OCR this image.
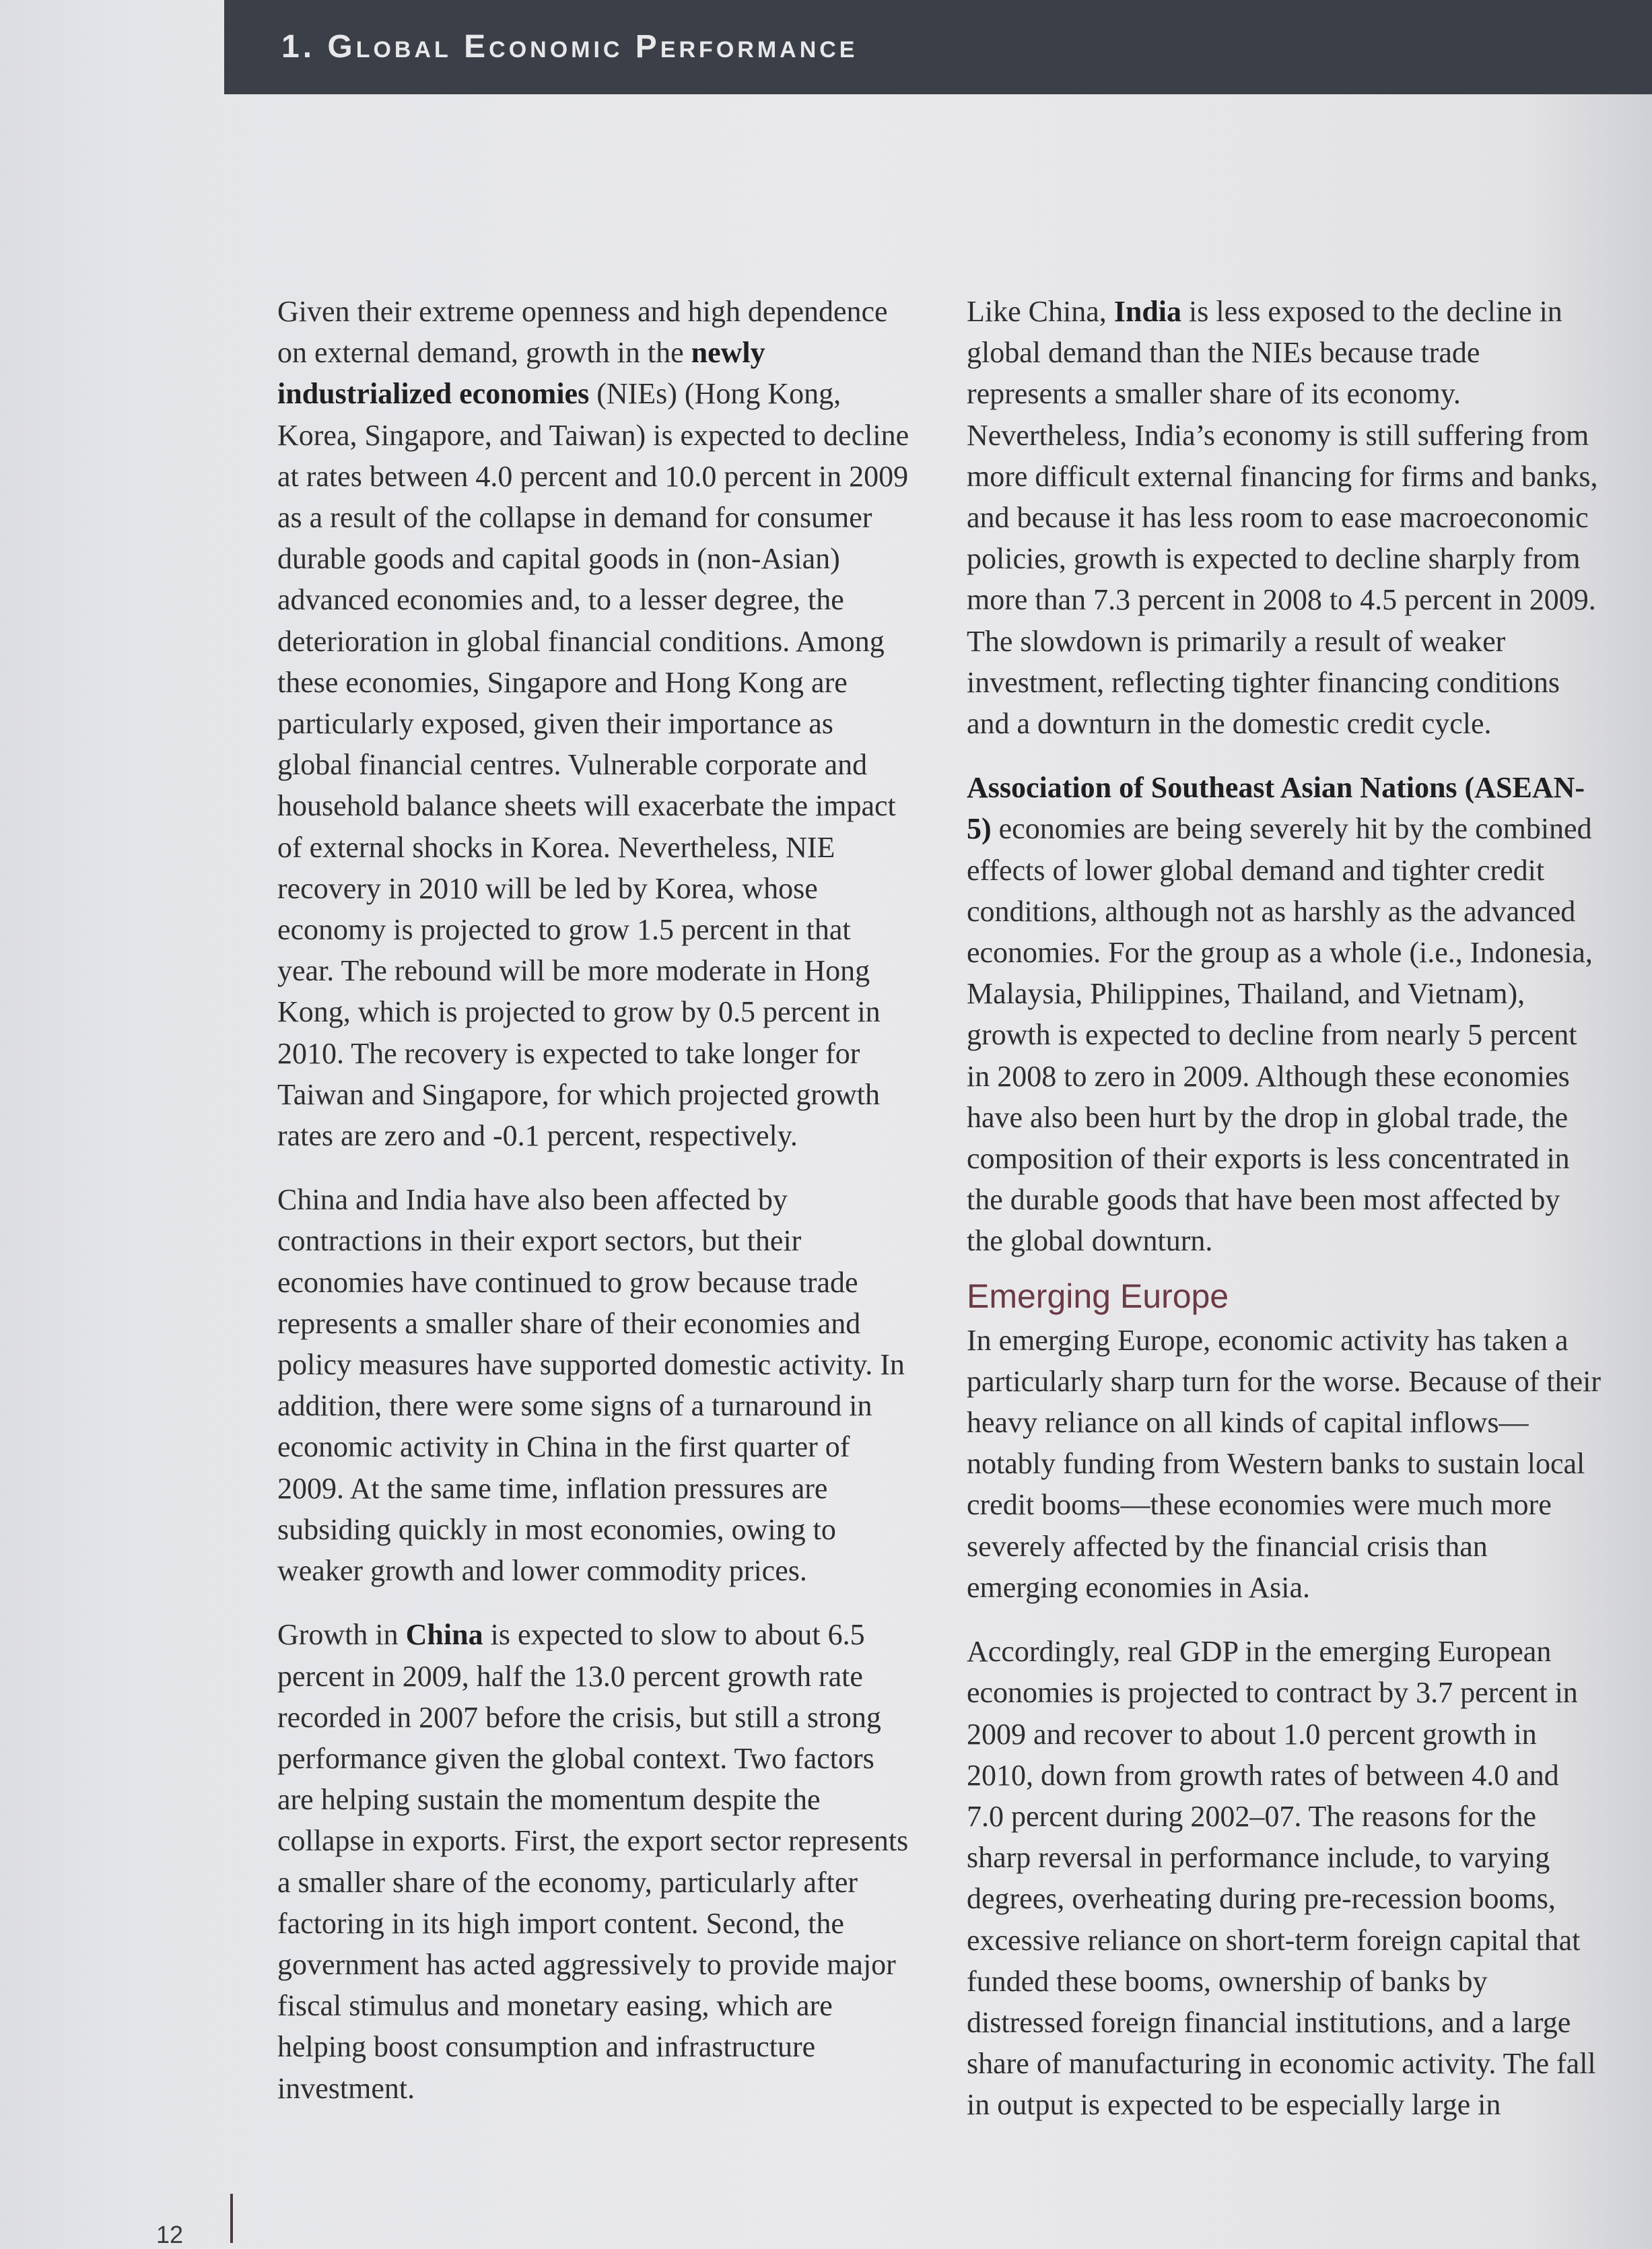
1. Global Economic Performance

Given their extreme openness and high dependence on external demand, growth in the newly industrialized economies (NIEs) (Hong Kong, Korea, Singapore, and Taiwan) is expected to decline at rates between 4.0 percent and 10.0 percent in 2009 as a result of the collapse in demand for consumer durable goods and capital goods in (non-Asian) advanced economies and, to a lesser degree, the deterioration in global financial conditions. Among these economies, Singapore and Hong Kong are particularly exposed, given their importance as global financial centres. Vulnerable corporate and household balance sheets will exacerbate the impact of external shocks in Korea. Nevertheless, NIE recovery in 2010 will be led by Korea, whose economy is projected to grow 1.5 percent in that year. The rebound will be more moderate in Hong Kong, which is projected to grow by 0.5 percent in 2010. The recovery is expected to take longer for Taiwan and Singapore, for which projected growth rates are zero and -0.1 percent, respectively.

China and India have also been affected by contractions in their export sectors, but their economies have continued to grow because trade represents a smaller share of their economies and policy measures have supported domestic activity. In addition, there were some signs of a turnaround in economic activity in China in the first quarter of 2009. At the same time, inflation pressures are subsiding quickly in most economies, owing to weaker growth and lower commodity prices.

Growth in China is expected to slow to about 6.5 percent in 2009, half the 13.0 percent growth rate recorded in 2007 before the crisis, but still a strong performance given the global context. Two factors are helping sustain the momentum despite the collapse in exports. First, the export sector represents a smaller share of the economy, particularly after factoring in its high import content. Second, the government has acted aggressively to provide major fiscal stimulus and monetary easing, which are helping boost consumption and infrastructure investment.

Like China, India is less exposed to the decline in global demand than the NIEs because trade represents a smaller share of its economy. Nevertheless, India’s economy is still suffering from more difficult external financing for firms and banks, and because it has less room to ease macroeconomic policies, growth is expected to decline sharply from more than 7.3 percent in 2008 to 4.5 percent in 2009. The slowdown is primarily a result of weaker investment, reflecting tighter financing conditions and a downturn in the domestic credit cycle.

Association of Southeast Asian Nations (ASEAN-5) economies are being severely hit by the combined effects of lower global demand and tighter credit conditions, although not as harshly as the advanced economies. For the group as a whole (i.e., Indonesia, Malaysia, Philippines, Thailand, and Vietnam), growth is expected to decline from nearly 5 percent in 2008 to zero in 2009. Although these economies have also been hurt by the drop in global trade, the composition of their exports is less concentrated in the durable goods that have been most affected by the global downturn.

Emerging Europe

In emerging Europe, economic activity has taken a particularly sharp turn for the worse. Because of their heavy reliance on all kinds of capital inflows—notably funding from Western banks to sustain local credit booms—these economies were much more severely affected by the financial crisis than emerging economies in Asia.

Accordingly, real GDP in the emerging European economies is projected to contract by 3.7 percent in 2009 and recover to about 1.0 percent growth in 2010, down from growth rates of between 4.0 and 7.0 percent during 2002–07. The reasons for the sharp reversal in performance include, to varying degrees, overheating during pre-recession booms, excessive reliance on short-term foreign capital that funded these booms, ownership of banks by distressed foreign financial institutions, and a large share of manufacturing in economic activity. The fall in output is expected to be especially large in

12
